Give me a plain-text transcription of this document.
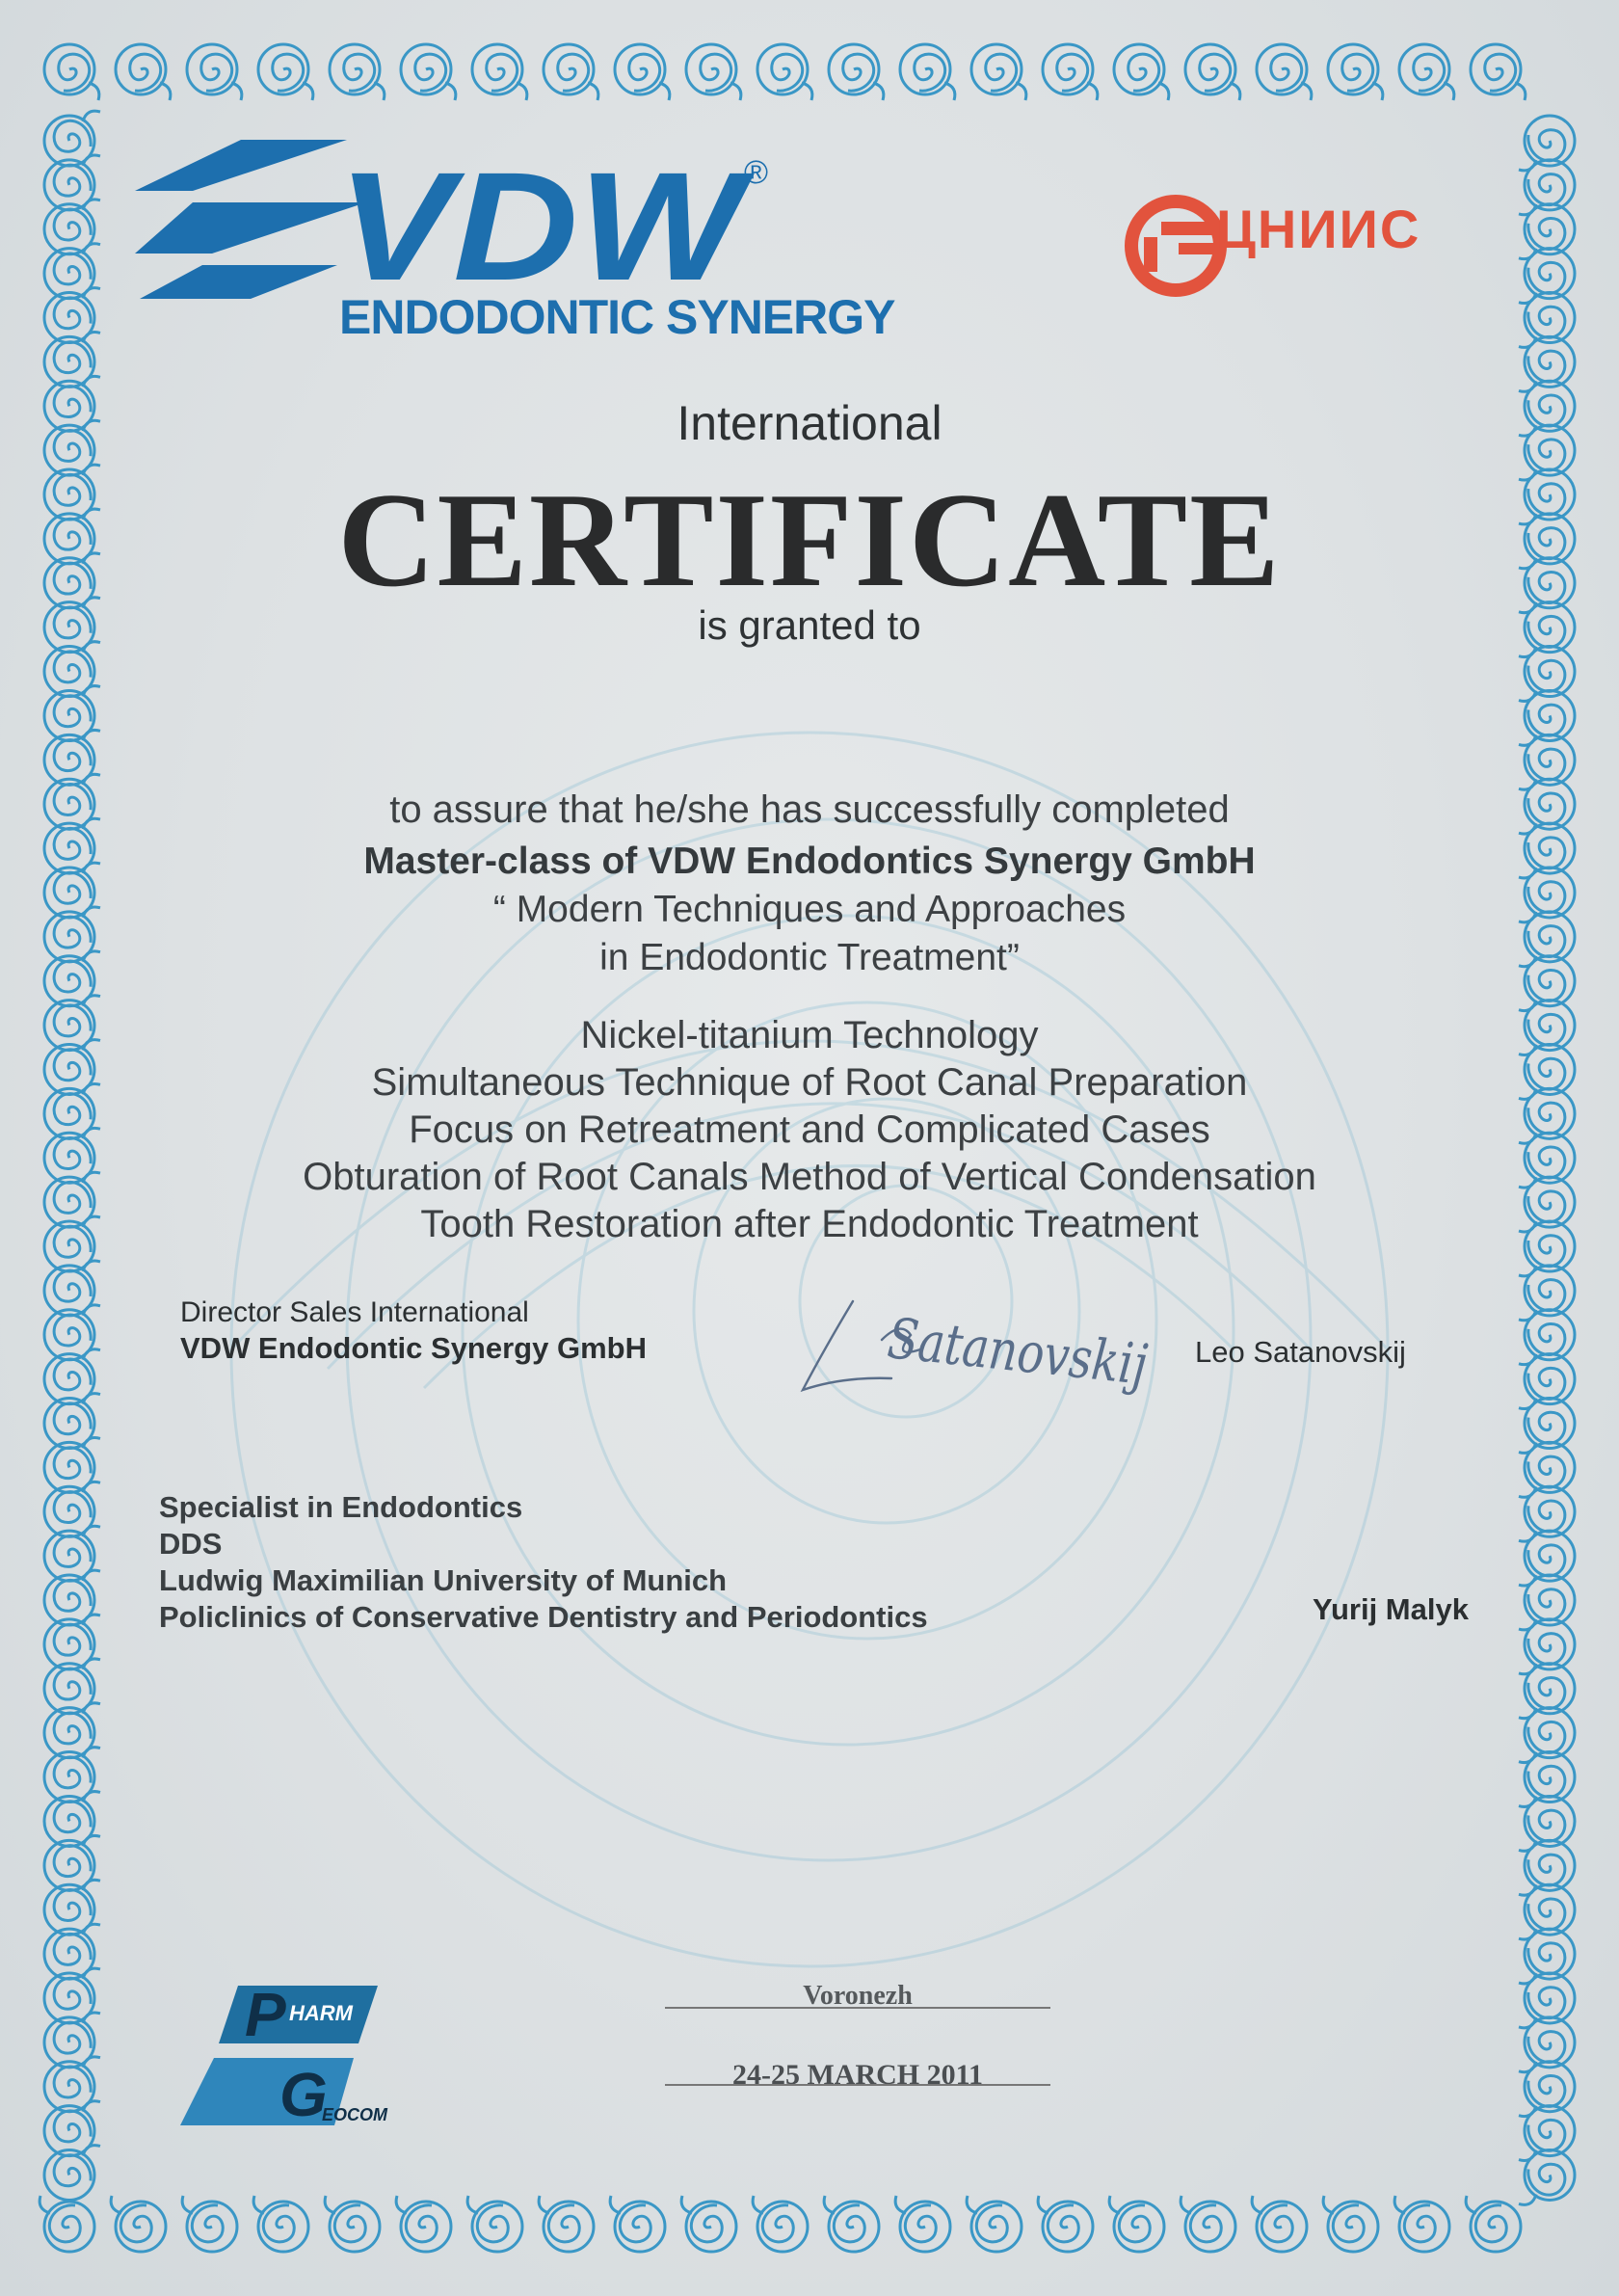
VDW
®
ENDODONTIC SYNERGY
ЦНИИС
International
CERTIFICATE
is granted to
to assure that he/she has successfully completed
Master-class of VDW Endodontics Synergy GmbH
“ Modern Techniques and Approaches
in Endodontic Treatment”
Nickel-titanium Technology
Simultaneous Technique of Root Canal Preparation
Focus on Retreatment and Complicated Cases
Obturation of Root Canals Method of Vertical Condensation
Tooth Restoration after Endodontic Treatment
Director Sales International
VDW Endodontic Synergy GmbH	Satanovskij
Leo Satanovskij
Specialist in Endodontics
DDS
Ludwig Maximilian University of Munich
Policlinics of Conservative Dentistry and Periodontics	Yurij Malyk
P HARM
G
EOCOM
Voronezh
24-25 MARCH 2011
